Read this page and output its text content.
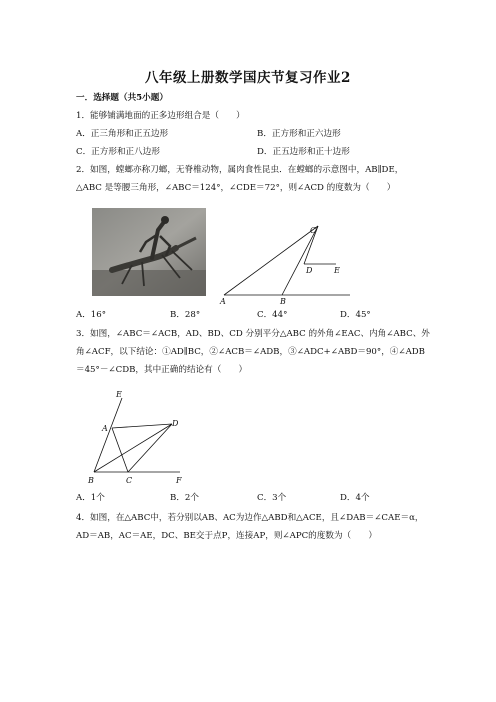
八年级上册数学国庆节复习作业2
一．选择题（共5小题）
1．能够铺满地面的正多边形组合是（　　）
A．正三角形和正五边形	B．正方形和正六边形
C．正方形和正八边形	D．正五边形和正十边形
2．如图，螳螂亦称刀螂，无脊椎动物，属肉食性昆虫．在螳螂的示意图中，AB∥DE，
△ABC 是等腰三角形，∠ABC＝124°，∠CDE＝72°，则∠ACD 的度数为（　　）
C
D	E
A	B
A．16°	B．28°	C．44°	D．45°
3．如图，∠ABC＝∠ACB，AD、BD、CD 分别平分△ABC 的外角∠EAC、内角∠ABC、外
角∠ACF，以下结论：①AD∥BC，②∠ACB＝∠ADB，③∠ADC+∠ABD＝90°，④∠ADB
＝45°－∠CDB，其中正确的结论有（　　）
E
A
D
B	C	F
A．1个	B．2个	C．3个	D．4个
4．如图，在△ABC中，若分别以AB、AC为边作△ABD和△ACE，且∠DAB＝∠CAE＝α，
AD＝AB，AC＝AE，DC、BE交于点P，连接AP，则∠APC的度数为（　　）
